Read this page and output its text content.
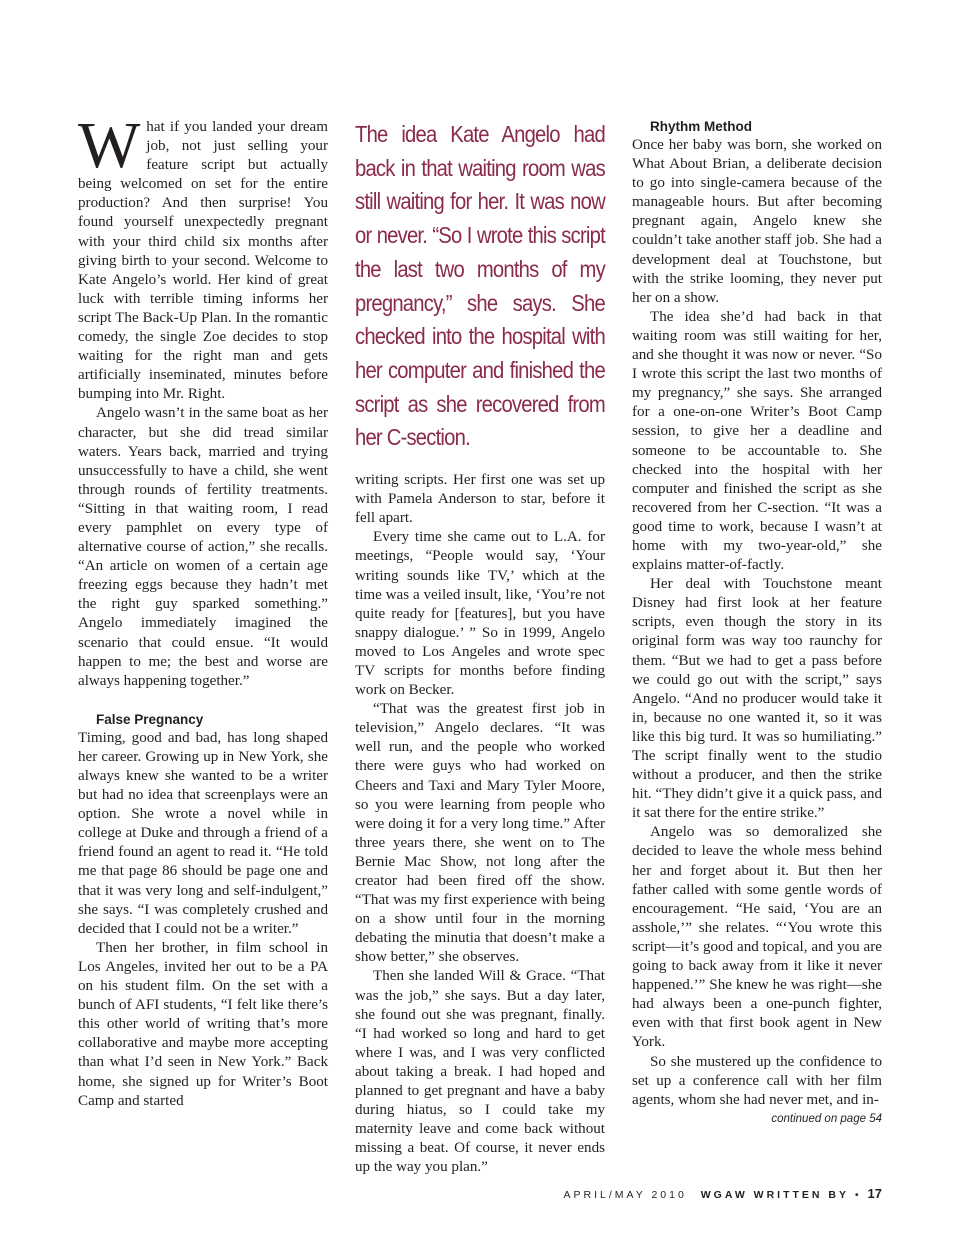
What if you landed your dream job, not just selling your feature script but actually being welcomed on set for the entire production? And then surprise! You found yourself unexpectedly pregnant with your third child six months after giving birth to your second. Welcome to Kate Angelo’s world. Her kind of great luck with terrible timing informs her script The Back-Up Plan. In the romantic comedy, the single Zoe decides to stop waiting for the right man and gets artificially inseminated, minutes before bumping into Mr. Right.

Angelo wasn’t in the same boat as her character, but she did tread similar waters. Years back, married and trying unsuccessfully to have a child, she went through rounds of fertility treatments. “Sitting in that waiting room, I read every pamphlet on every type of alternative course of action,” she recalls. “An article on women of a certain age freezing eggs because they hadn’t met the right guy sparked something.” Angelo immediately imagined the scenario that could ensue. “It would happen to me; the best and worse are always happening together.”

False Pregnancy

Timing, good and bad, has long shaped her career. Growing up in New York, she always knew she wanted to be a writer but had no idea that screenplays were an option. She wrote a novel while in college at Duke and through a friend of a friend found an agent to read it. “He told me that page 86 should be page one and that it was very long and self-indulgent,” she says. “I was completely crushed and decided that I could not be a writer.”

Then her brother, in film school in Los Angeles, invited her out to be a PA on his student film. On the set with a bunch of AFI students, “I felt like there’s this other world of writing that’s more collaborative and maybe more accepting than what I’d seen in New York.” Back home, she signed up for Writer’s Boot Camp and started

The idea Kate Angelo had back in that waiting room was still waiting for her. It was now or never. “So I wrote this script the last two months of my pregnancy,” she says. She checked into the hospital with her computer and finished the script as she recovered from her C-section.

writing scripts. Her first one was set up with Pamela Anderson to star, before it fell apart.

Every time she came out to L.A. for meetings, “People would say, ‘Your writing sounds like TV,’ which at the time was a veiled insult, like, ‘You’re not quite ready for [features], but you have snappy dialogue.’ ” So in 1999, Angelo moved to Los Angeles and wrote spec TV scripts for months before finding work on Becker.

“That was the greatest first job in television,” Angelo declares. “It was well run, and the people who worked there were guys who had worked on Cheers and Taxi and Mary Tyler Moore, so you were learning from people who were doing it for a very long time.” After three years there, she went on to The Bernie Mac Show, not long after the creator had been fired off the show. “That was my first experience with being on a show until four in the morning debating the minutia that doesn’t make a show better,” she observes.

Then she landed Will & Grace. “That was the job,” she says. But a day later, she found out she was pregnant, finally. “I had worked so long and hard to get where I was, and I was very conflicted about taking a break. I had hoped and planned to get pregnant and have a baby during hiatus, so I could take my maternity leave and come back without missing a beat. Of course, it never ends up the way you plan.”

Rhythm Method

Once her baby was born, she worked on What About Brian, a deliberate decision to go into single-camera because of the manageable hours. But after becoming pregnant again, Angelo knew she couldn’t take another staff job. She had a development deal at Touchstone, but with the strike looming, they never put her on a show.

The idea she’d had back in that waiting room was still waiting for her, and she thought it was now or never. “So I wrote this script the last two months of my pregnancy,” she says. She arranged for a one-on-one Writer’s Boot Camp session, to give her a deadline and someone to be accountable to. She checked into the hospital with her computer and finished the script as she recovered from her C-section. “It was a good time to work, because I wasn’t at home with my two-year-old,” she explains matter-of-factly.

Her deal with Touchstone meant Disney had first look at her feature scripts, even though the story in its original form was way too raunchy for them. “But we had to get a pass before we could go out with the script,” says Angelo. “And no producer would take it in, because no one wanted it, so it was like this big turd. It was so humiliating.” The script finally went to the studio without a producer, and then the strike hit. “They didn’t give it a quick pass, and it sat there for the entire strike.”

Angelo was so demoralized she decided to leave the whole mess behind her and forget about it. But then her father called with some gentle words of encouragement. “He said, ‘You are an asshole,’” she relates. “‘You wrote this script—it’s good and topical, and you are going to back away from it like it never happened.’” She knew he was right—she had always been a one-punch fighter, even with that first book agent in New York.

So she mustered up the confidence to set up a conference call with her film agents, whom she had never met, and in-

continued on page 54

APRIL/MAY 2010 WGAW WRITTEN BY • 17
